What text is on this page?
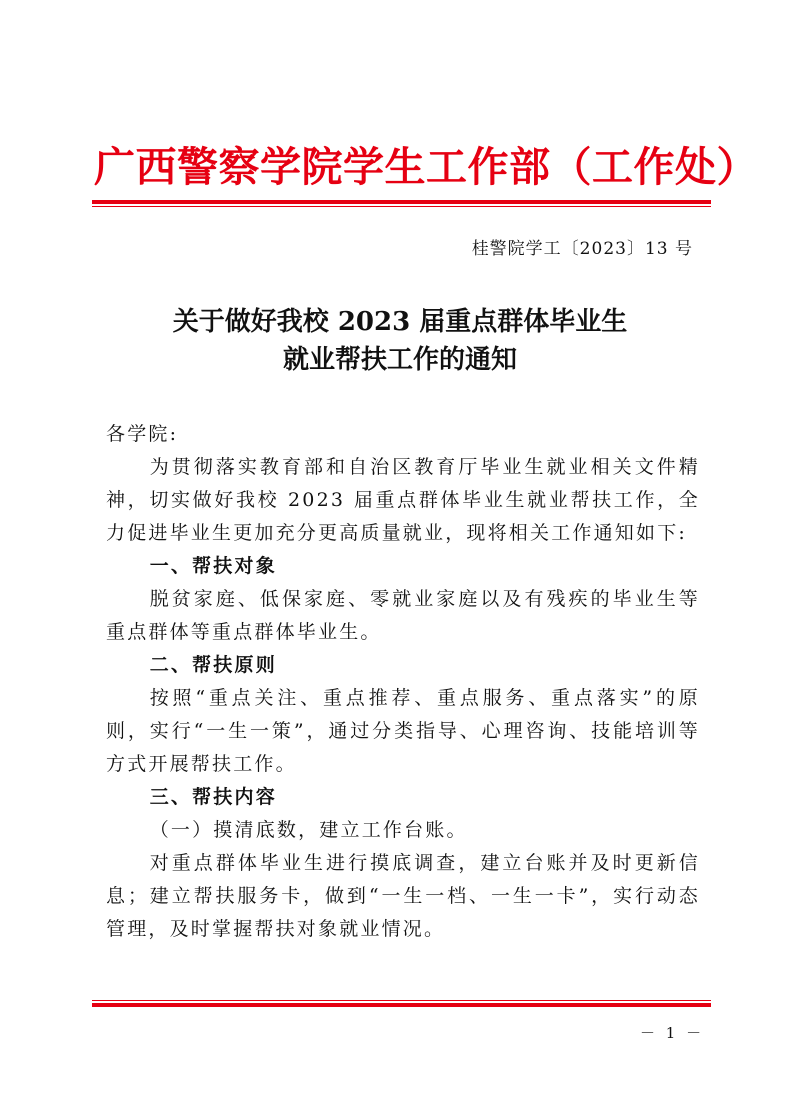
广西警察学院学生工作部（工作处）
桂警院学工〔2023〕13 号
关于做好我校 2023 届重点群体毕业生
就业帮扶工作的通知

各学院:

为贯彻落实教育部和自治区教育厅毕业生就业相关文件精神，切实做好我校 2023 届重点群体毕业生就业帮扶工作，全力促进毕业生更加充分更高质量就业，现将相关工作通知如下:

一、帮扶对象

脱贫家庭、低保家庭、零就业家庭以及有残疾的毕业生等重点群体等重点群体毕业生。

二、帮扶原则

按照“重点关注、重点推荐、重点服务、重点落实”的原则，实行“一生一策”，通过分类指导、心理咨询、技能培训等方式开展帮扶工作。

三、帮扶内容

（一）摸清底数，建立工作台账。

对重点群体毕业生进行摸底调查，建立台账并及时更新信息；建立帮扶服务卡，做到“一生一档、一生一卡”，实行动态管理，及时掌握帮扶对象就业情况。

－ 1 －
